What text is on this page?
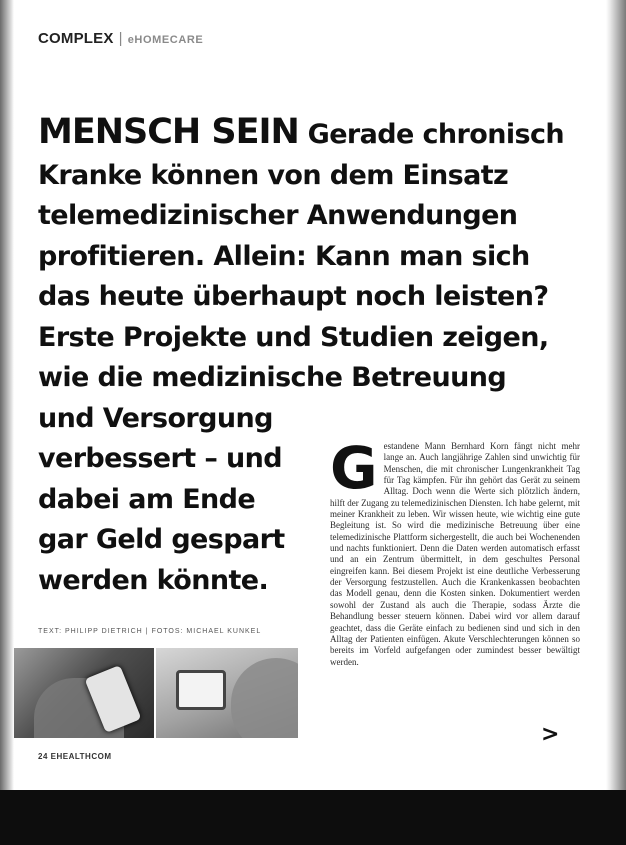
COMPLEX | eHOMECARE
MENSCH SEIN Gerade chronisch
Kranke können von dem Einsatz
telemedizinischer Anwendungen
profitieren. Allein: Kann man sich
das heute überhaupt noch leisten?
Erste Projekte und Studien zeigen,
wie die medizinische Betreuung
und Versorgung
verbessert – und
dabei am Ende
gar Geld gespart
werden könnte.
TEXT: PHILIPP DIETRICH | FOTOS: MICHAEL KUNKEL
Gestandene Mann Bernhard Korn fängt nicht mehr lange an. Auch langjährige Zahlen sind unwichtig für Menschen, die mit chronischer Lungenkrankheit Tag für Tag kämpfen. Für ihn gehört das Gerät zu seinem Alltag. Doch wenn die Werte sich plötzlich ändern, hilft der Zugang zu telemedizinischen Diensten. Ich habe gelernt, mit meiner Krankheit zu leben. Wir wissen heute, wie wichtig eine gute Begleitung ist. So wird die medizinische Betreuung über eine telemedizinische Plattform sichergestellt, die auch bei Wochenenden und nachts funktioniert. Denn die Daten werden automatisch erfasst und an ein Zentrum übermittelt, in dem geschultes Personal eingreifen kann. Bei diesem Projekt ist eine deutliche Verbesserung der Versorgung festzustellen. Auch die Krankenkassen beobachten das Modell genau, denn die Kosten sinken. Dokumentiert werden sowohl der Zustand als auch die Therapie, sodass Ärzte die Behandlung besser steuern können. Dabei wird vor allem darauf geachtet, dass die Geräte einfach zu bedienen sind und sich in den Alltag der Patienten einfügen. Akute Verschlechterungen können so bereits im Vorfeld aufgefangen oder zumindest besser bewältigt werden.
>
24 EHEALTHCOM
